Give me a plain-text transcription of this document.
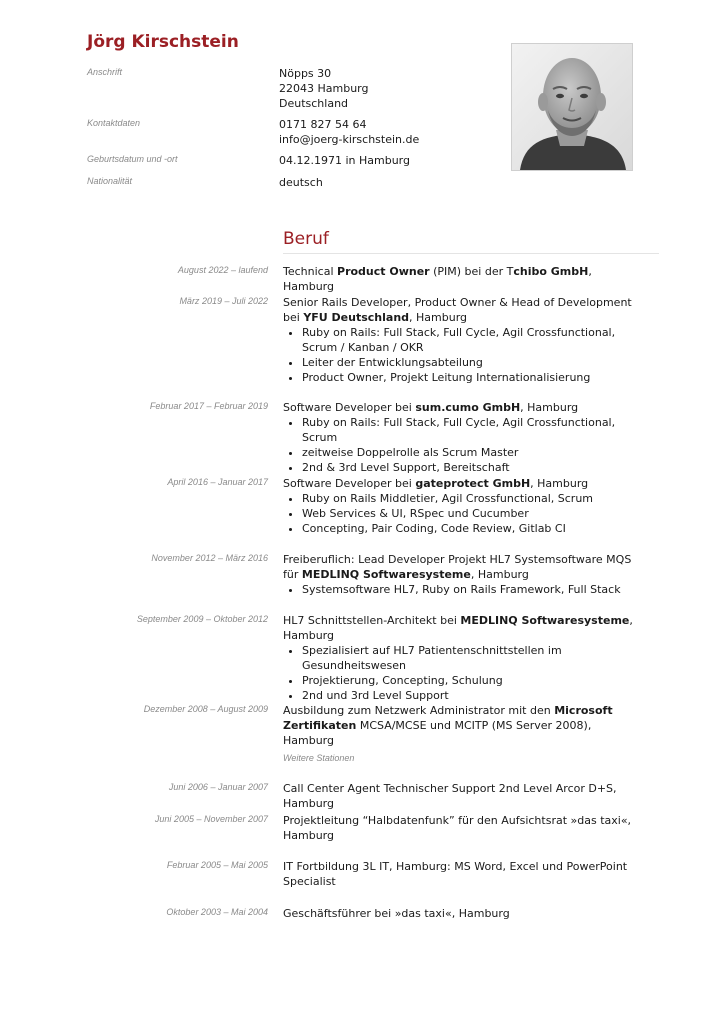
Jörg Kirschstein
Anschrift	Nöpps 30
22043 Hamburg
Deutschland
Kontaktdaten	0171 827 54 64
info@joerg-kirschstein.de
Geburtsdatum und -ort	04.12.1971 in Hamburg
Nationalität	deutsch
Beruf
August 2022 – laufend Technical Product Owner (PIM) bei der Tchibo GmbH, Hamburg

März 2019 – Juli 2022 Senior Rails Developer, Product Owner & Head of Development bei YFU Deutschland, Hamburg

• Ruby on Rails: Full Stack, Full Cycle, Agil Crossfunctional, Scrum / Kanban / OKR
• Leiter der Entwicklungsabteilung
• Product Owner, Projekt Leitung Internationalisierung
Februar 2017 – Februar 2019 Software Developer bei sum.cumo GmbH, Hamburg

• Ruby on Rails: Full Stack, Full Cycle, Agil Crossfunctional, Scrum
• zeitweise Doppelrolle als Scrum Master
• 2nd & 3rd Level Support, Bereitschaft
April 2016 – Januar 2017 Software Developer bei gateprotect GmbH, Hamburg

• Ruby on Rails Middletier, Agil Crossfunctional, Scrum
• Web Services & UI, RSpec und Cucumber
• Concepting, Pair Coding, Code Review, Gitlab CI
November 2012 – März 2016 Freiberuflich: Lead Developer Projekt HL7 Systemsoftware MQS für MEDLINQ Softwaresysteme, Hamburg

• Systemsoftware HL7, Ruby on Rails Framework, Full Stack
September 2009 – Oktober 2012 HL7 Schnittstellen-Architekt bei MEDLINQ Softwaresysteme, Hamburg

• Spezialisiert auf HL7 Patientenschnittstellen im Gesundheitswesen
• Projektierung, Concepting, Schulung
• 2nd und 3rd Level Support
Dezember 2008 – August 2009 Ausbildung zum Netzwerk Administrator mit den Microsoft Zertifikaten MCSA/MCSE und MCITP (MS Server 2008), Hamburg

Weitere Stationen
Juni 2006 – Januar 2007 Call Center Agent Technischer Support 2nd Level Arcor D+S, Hamburg

Juni 2005 – November 2007 Projektleitung “Halbdatenfunk” für den Aufsichtsrat »das taxi«, Hamburg

Februar 2005 – Mai 2005 IT Fortbildung 3L IT, Hamburg: MS Word, Excel und PowerPoint Specialist

Oktober 2003 – Mai 2004 Geschäftsführer bei »das taxi«, Hamburg
